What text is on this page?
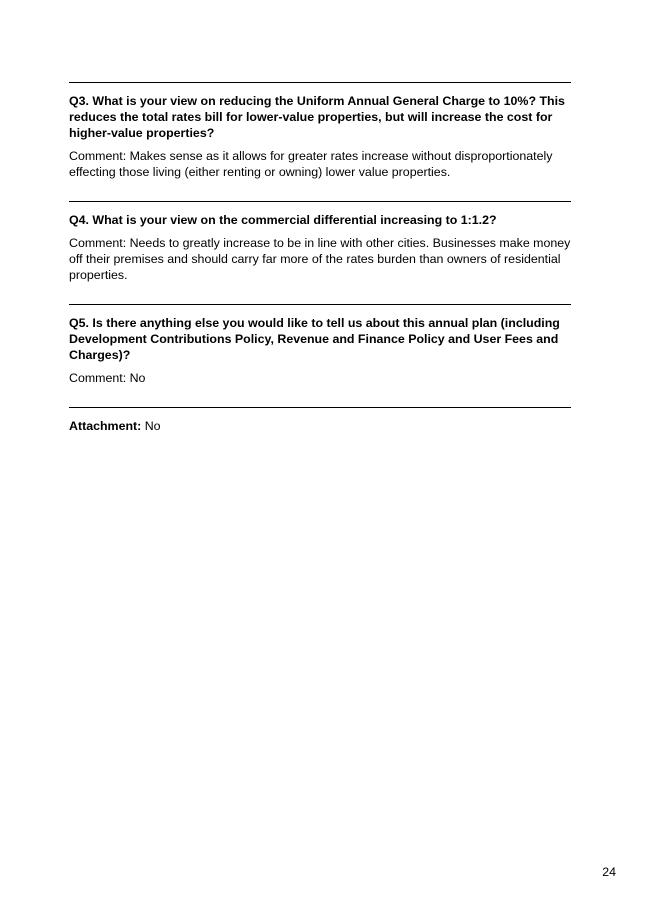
Q3. What is your view on reducing the Uniform Annual General Charge to 10%? This reduces the total rates bill for lower-value properties, but will increase the cost for higher-value properties?

Comment: Makes sense as it allows for greater rates increase without disproportionately effecting those living (either renting or owning) lower value properties.

Q4. What is your view on the commercial differential increasing to 1:1.2?

Comment: Needs to greatly increase to be in line with other cities. Businesses make money off their premises and should carry far more of the rates burden than owners of residential properties.

Q5. Is there anything else you would like to tell us about this annual plan (including Development Contributions Policy, Revenue and Finance Policy and User Fees and Charges)?

Comment: No

Attachment: No
24
